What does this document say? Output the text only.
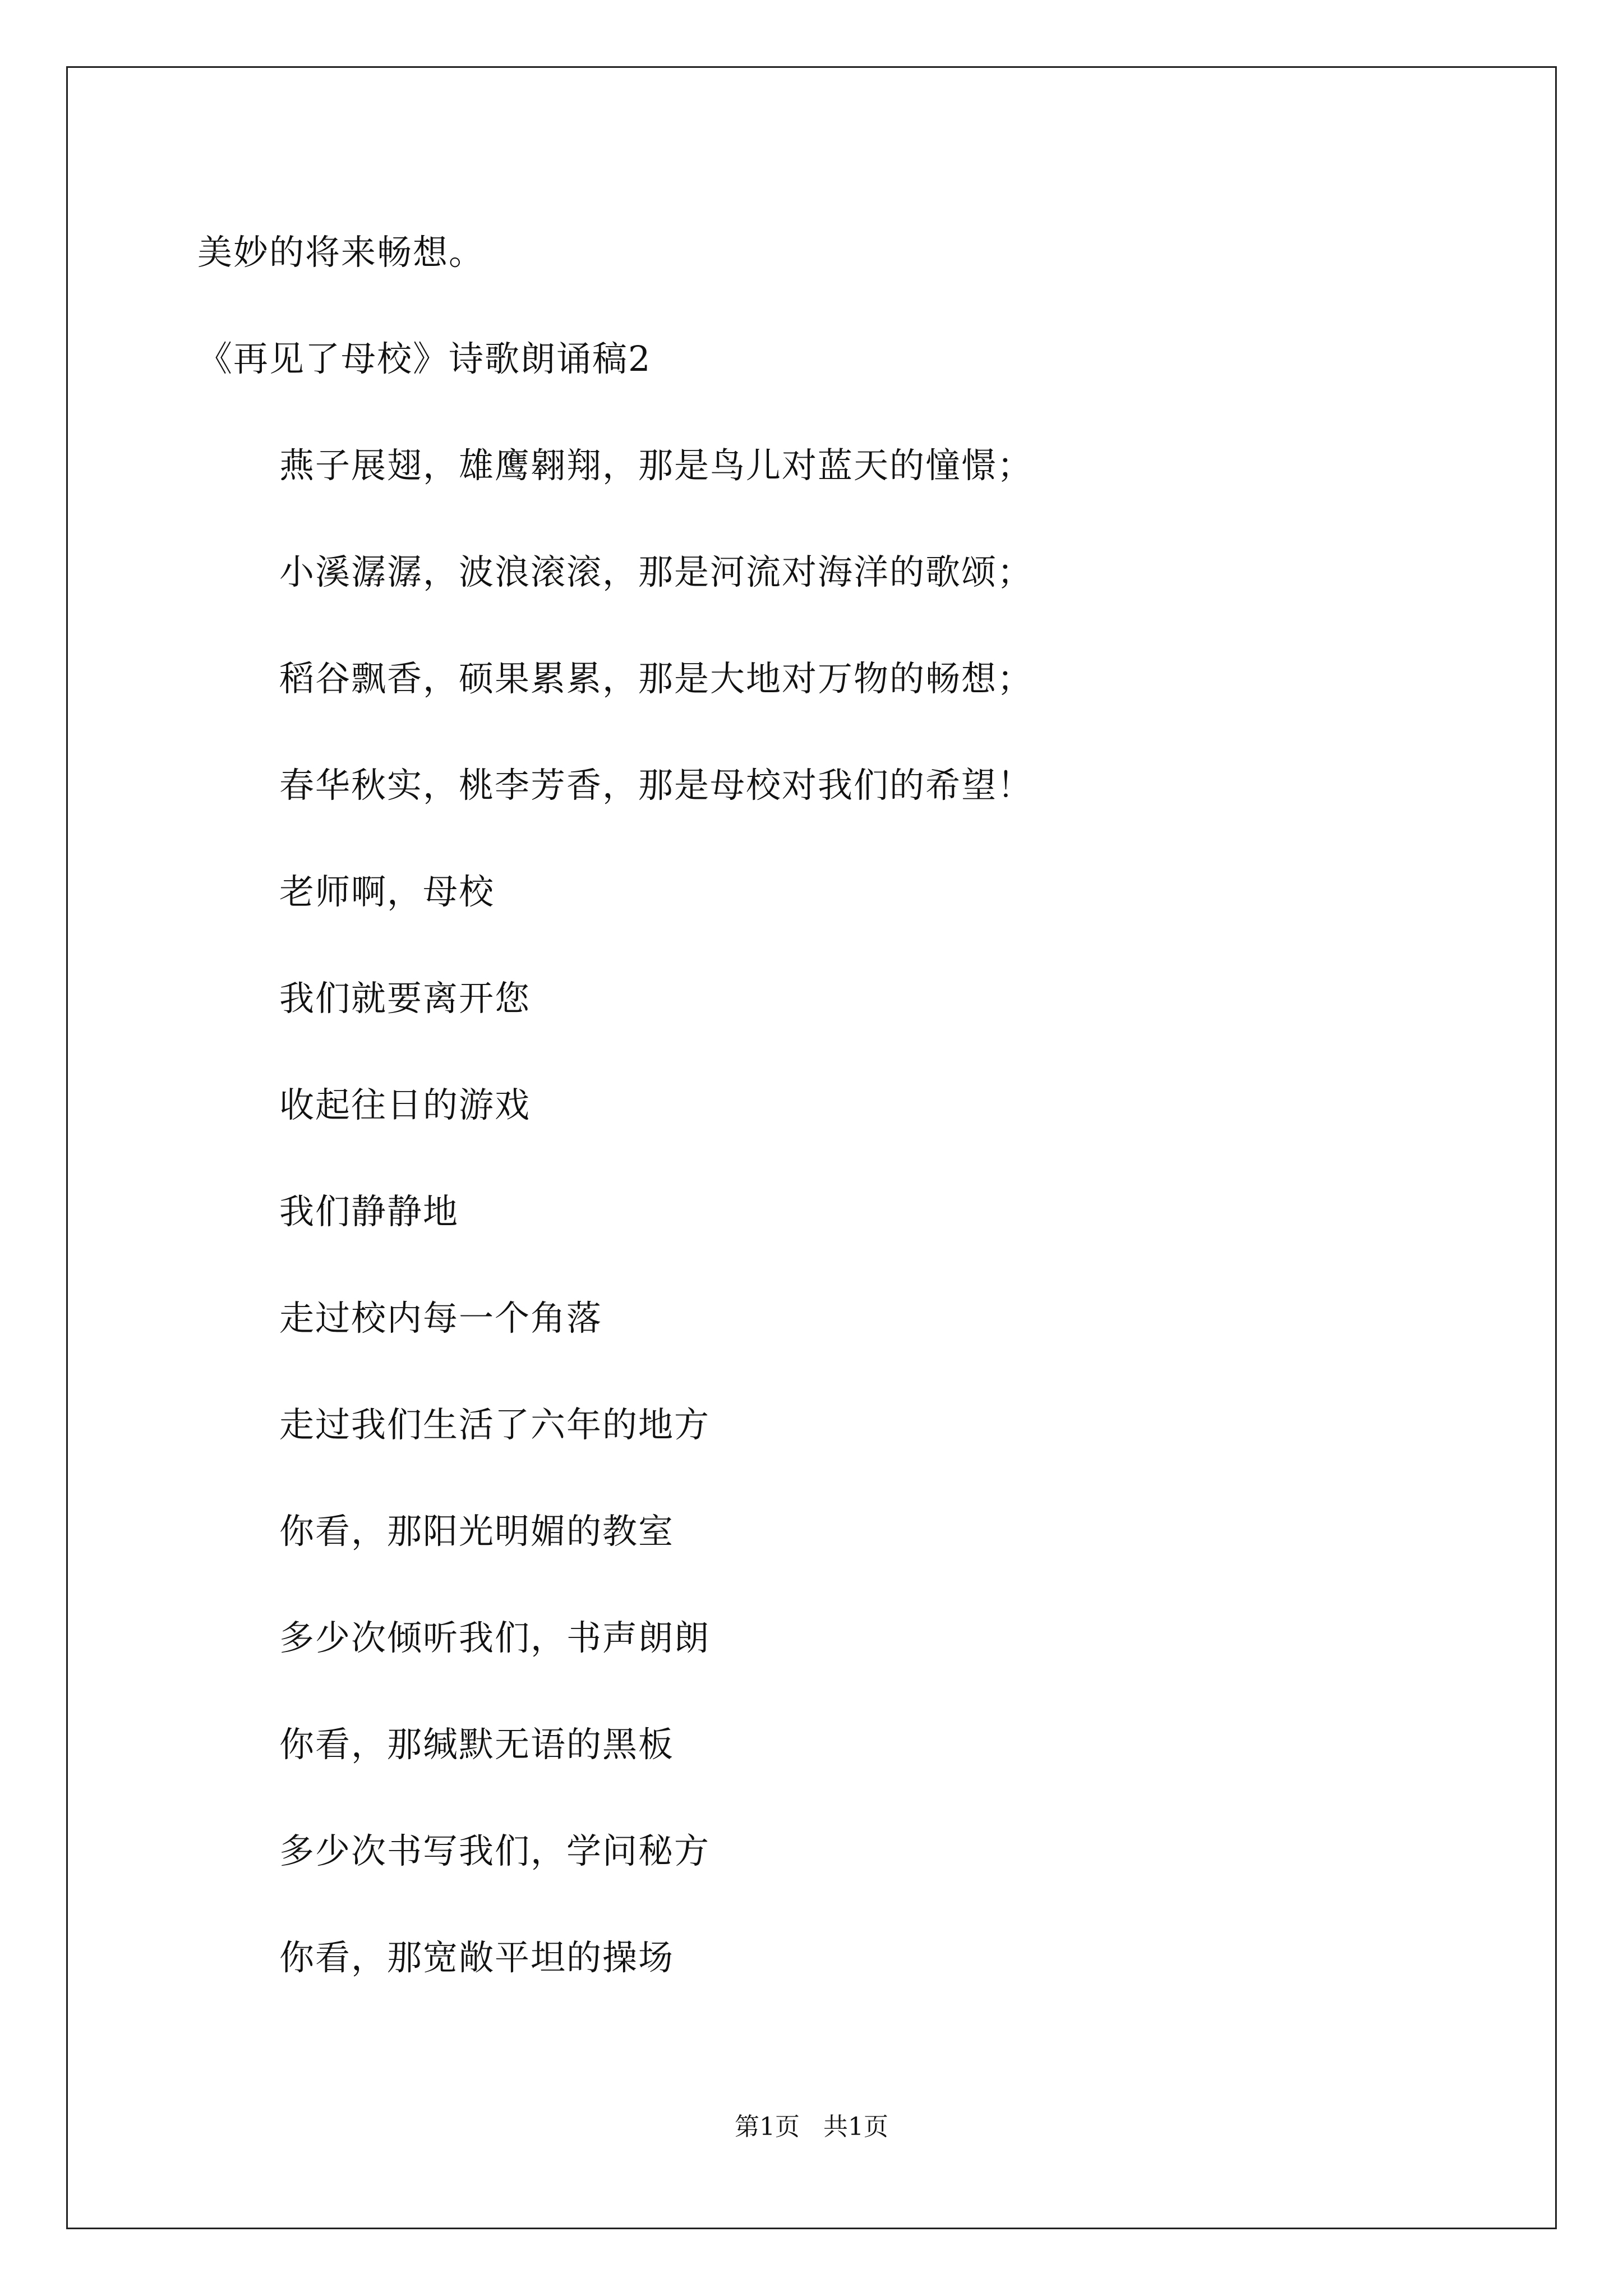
美妙的将来畅想。
《再见了母校》诗歌朗诵稿2
燕子展翅，雄鹰翱翔，那是鸟儿对蓝天的憧憬；
小溪潺潺，波浪滚滚，那是河流对海洋的歌颂；
稻谷飘香，硕果累累，那是大地对万物的畅想；
春华秋实，桃李芳香，那是母校对我们的希望！
老师啊，母校
我们就要离开您
收起往日的游戏
我们静静地
走过校内每一个角落
走过我们生活了六年的地方
你看，那阳光明媚的教室
多少次倾听我们，书声朗朗
你看，那缄默无语的黑板
多少次书写我们，学问秘方
你看，那宽敞平坦的操场
第1页   共1页
